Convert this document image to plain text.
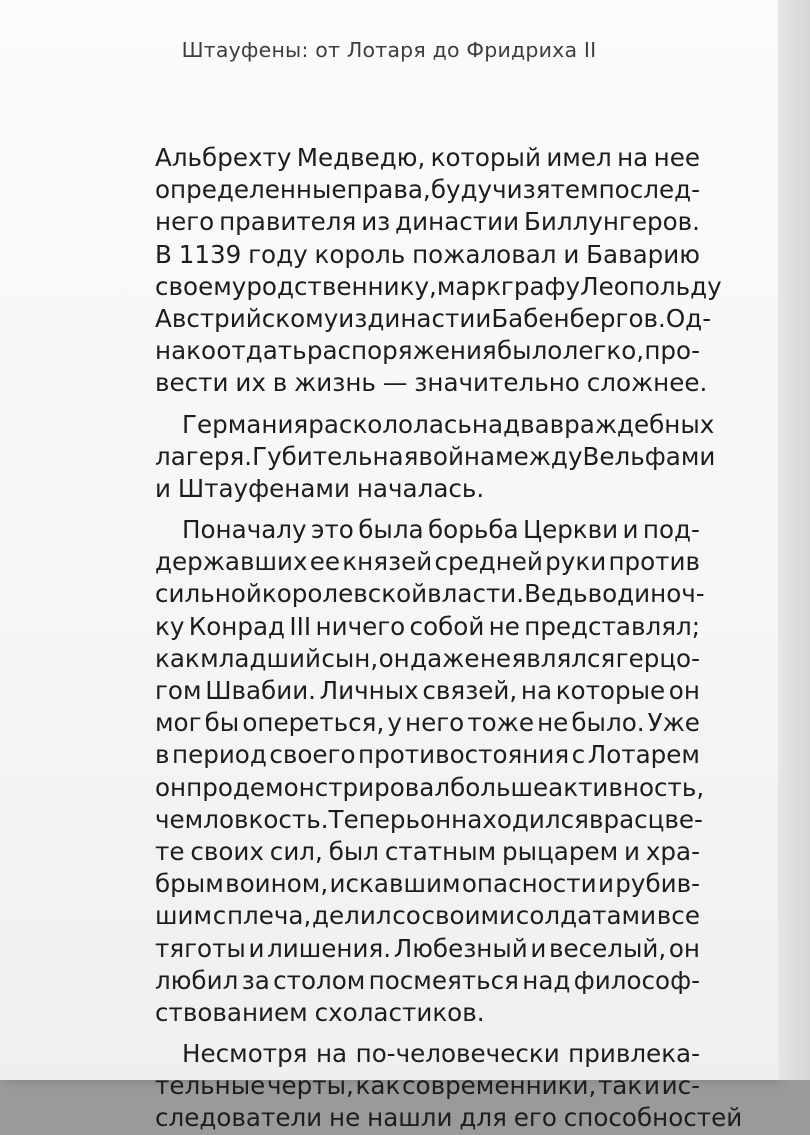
Штауфены: от Лотаря до Фридриха II
Альбрехту Медведю, который имел на нее
определенные права, будучи зятем послед-
него правителя из династии Биллунгеров.
В 1139 году король пожаловал и Баварию
своему родственнику, маркграфу Леопольду
Австрийскому из династии Бабенбергов. Од-
нако отдать распоряжения было легко, про-
вести их в жизнь — значительно сложнее.
Германия раскололась на два враждебных
лагеря. Губительная война между Вельфами
и Штауфенами началась.
Поначалу это была борьба Церкви и под-
державших ее князей средней руки против
сильной королевской власти. Ведь в одиноч-
ку Конрад III ничего собой не представлял;
как младший сын, он даже не являлся герцо-
гом Швабии. Личных связей, на которые он
мог бы опереться, у него тоже не было. Уже
в период своего противостояния с Лотарем
он продемонстрировал больше активность,
чем ловкость. Теперь он находился в расцве-
те своих сил, был статным рыцарем и хра-
брым воином, искавшим опасности и рубив-
шим с плеча, делил со своими солдатами все
тяготы и лишения. Любезный и веселый, он
любил за столом посмеяться над философ-
ствованием схоластиков.
Несмотря на по-человечески привлека-
тельные черты, как современники, так и ис-
следователи не нашли для его способностей
